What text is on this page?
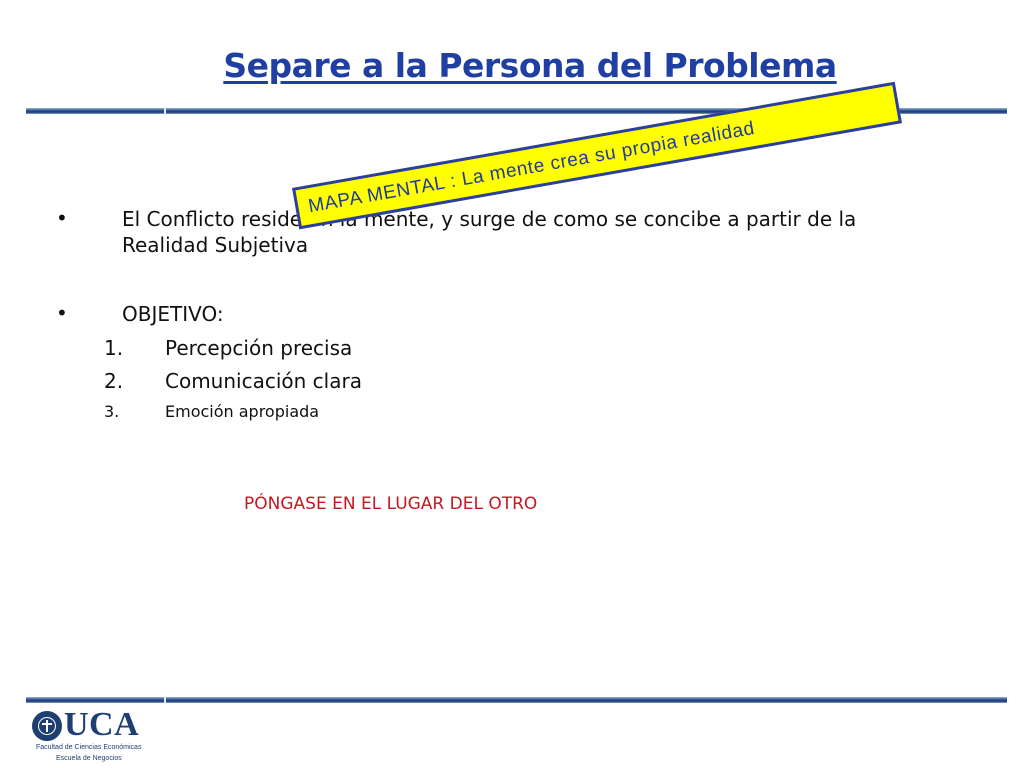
Separe a la Persona del Problema
•	El Conflicto reside en la mente, y surge de como se concibe a partir de la Realidad Subjetiva
•	OBJETIVO:
1. Percepción precisa
2. Comunicación clara
3.	Emoción apropiada
PÓNGASE EN EL LUGAR DEL OTRO
MAPA MENTAL : La mente crea su propia realidad
UCA
Facultad de Ciencias Económicas
Escuela de Negocios
